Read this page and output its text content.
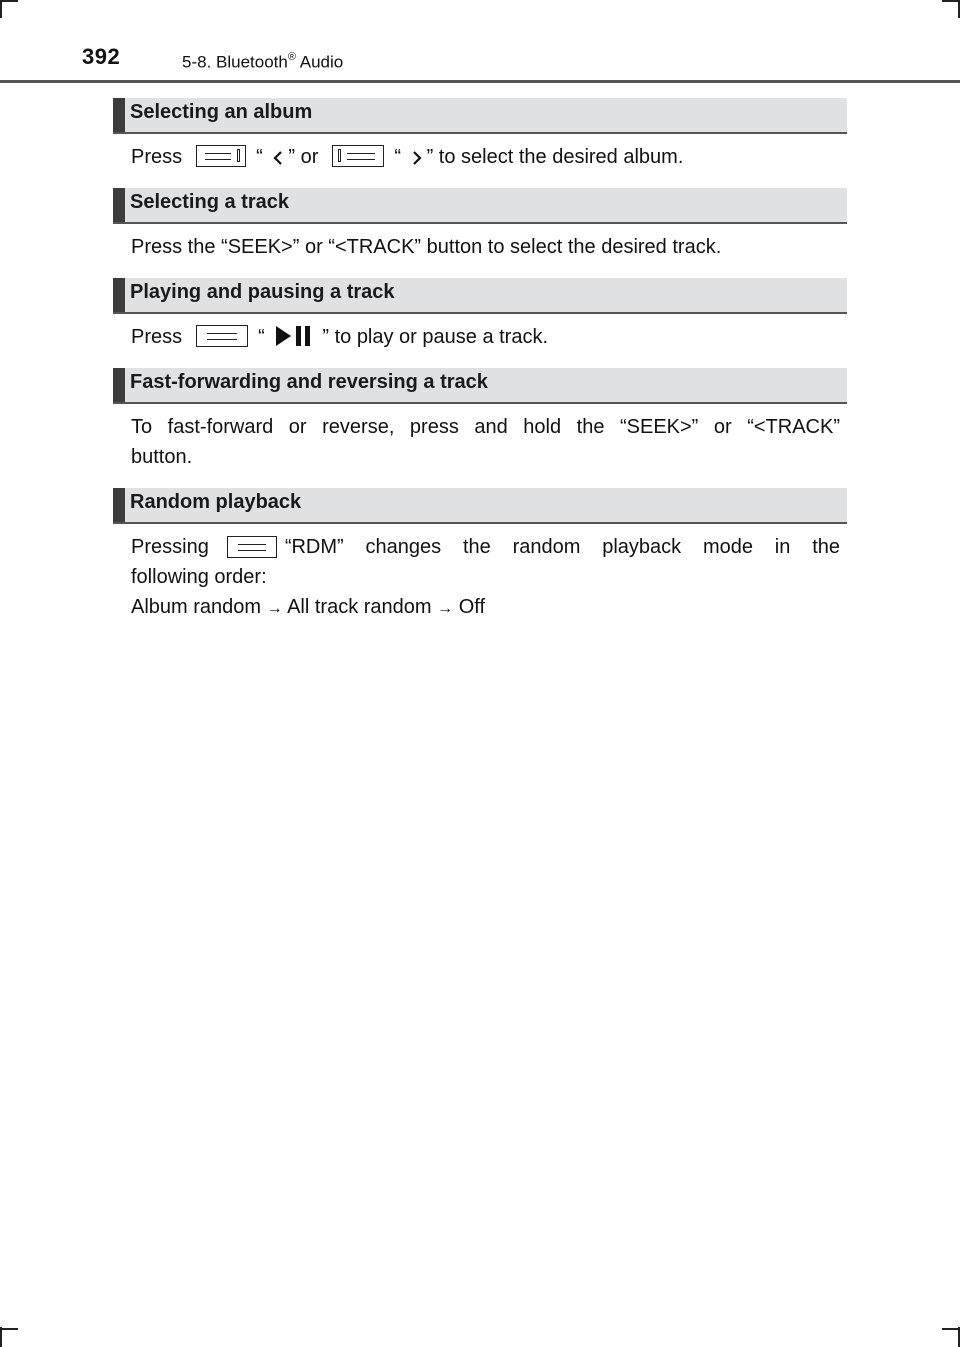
392	5-8. Bluetooth® Audio
Selecting an album
Press	“ ” or	“ ” to select the desired album.
Selecting a track
Press the “SEEK>” or “<TRACK” button to select the desired track.
Playing and pausing a track
Press	“	” to play or pause a track.
Fast-forwarding and reversing a track
To fast-forward or reverse, press and hold the “SEEK>” or “<TRACK”
button.
Random playback
Pressing	“RDM” changes the random playback mode in the
following order:
Album random → All track random → Off
